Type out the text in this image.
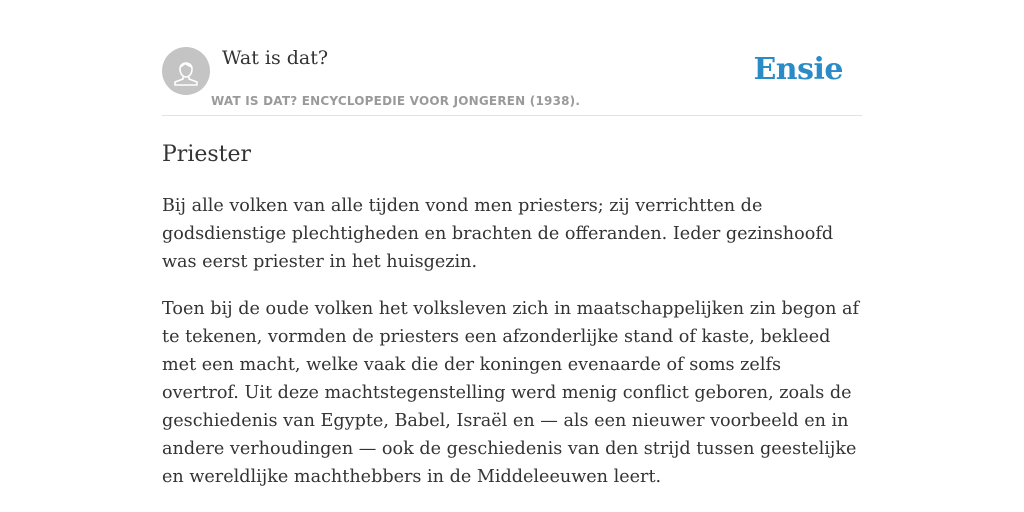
Wat is dat?
WAT IS DAT? ENCYCLOPEDIE VOOR JONGEREN (1938).
Ensie
Priester

Bij alle volken van alle tijden vond men priesters; zij verrichtten de godsdienstige plechtigheden en brachten de offeranden. Ieder gezinshoofd was eerst priester in het huisgezin.

Toen bij de oude volken het volksleven zich in maatschappelijken zin begon af te tekenen, vormden de priesters een afzonderlijke stand of kaste, bekleed met een macht, welke vaak die der koningen evenaarde of soms zelfs overtrof. Uit deze machtstegenstelling werd menig conflict geboren, zoals de geschiedenis van Egypte, Babel, Israël en — als een nieuwer voorbeeld en in andere verhoudingen — ook de geschiedenis van den strijd tussen geestelijke en wereldlijke machthebbers in de Middeleeuwen leert.
